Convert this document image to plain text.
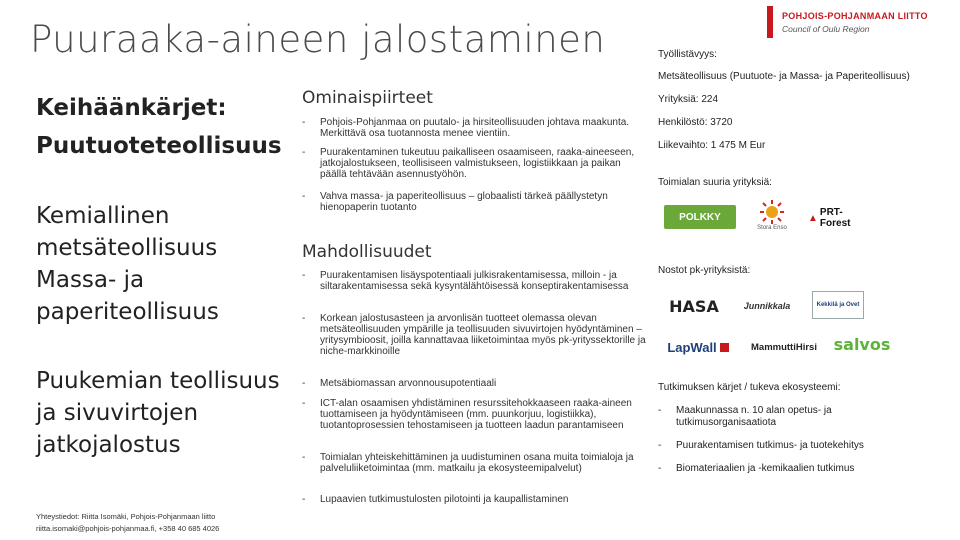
Puuraaka-aineen jalostaminen
POHJOIS-POHJANMAAN LIITTO
Council of Oulu Region
Keihäänkärjet:
Puutuoteteollisuus
Kemiallinen
metsäteollisuus
Massa- ja
paperiteollisuus
Puukemian teollisuus
ja sivuvirtojen
jatkojalostus
Yhteystiedot: Riitta Isomäki, Pohjois-Pohjanmaan liitto
riitta.isomaki@pohjois-pohjanmaa.fi, +358 40 685 4026
Ominaispiirteet
- Pohjois-Pohjanmaa on puutalo- ja hirsiteollisuuden johtava maakunta. Merkittävä osa tuotannosta menee vientiin.
- Puurakentaminen tukeutuu paikalliseen osaamiseen, raaka-aineeseen, jatkojalostukseen, teollisiseen valmistukseen, logistiikkaan ja paikan päällä tehtävään asennustyöhön.
- Vahva massa- ja paperiteollisuus – globaalisti tärkeä päällystetyn hienopaperin tuotanto
Mahdollisuudet
- Puurakentamisen lisäyspotentiaali julkisrakentamisessa, milloin - ja siltarakentamisessa sekä kysyntälähtöisessä konseptirakentamisessa
- Korkean jalostusasteen ja arvonlisän tuotteet olemassa olevan metsäteollisuuden ympärille ja teollisuuden sivuvirtojen hyödyntäminen – yritysymbioosit, joilla kannattavaa liiketoimintaa myös pk-yrityssektorille ja niche-markkinoille
- Metsäbiomassan arvonnousupotentiaali
- ICT-alan osaamisen yhdistäminen resurssitehokkaaseen raaka-aineen tuottamiseen ja hyödyntämiseen (mm. puunkorjuu, logistiikka), tuotantoprosessien tehostamiseen ja tuotteen laadun parantamiseen
- Toimialan yhteiskehittäminen ja uudistuminen osana muita toimialoja ja palveluliiketoimintaa (mm. matkailu ja ekosysteemipalvelut)
- Lupaavien tutkimustulosten pilotointi ja kaupallistaminen
Työllistävyys:
Metsäteollisuus (Puutuote- ja Massa- ja Paperiteollisuus)
Yrityksiä: 224
Henkilöstö: 3720
Liikevaihto: 1 475 M Eur
Toimialan suuria yrityksiä:
POLKKY
Stora Enso
▲ PRT-Forest
Nostot pk-yrityksistä:
HASA	Junnikkala	Kekkilä ja Ovet
LapWall	MammuttiHirsi salvos
Tutkimuksen kärjet / tukeva ekosysteemi:
- Maakunnassa n. 10 alan opetus- ja tutkimusorganisaatiota
- Puurakentamisen tutkimus- ja tuotekehitys
- Biomateriaalien ja -kemikaalien tutkimus
